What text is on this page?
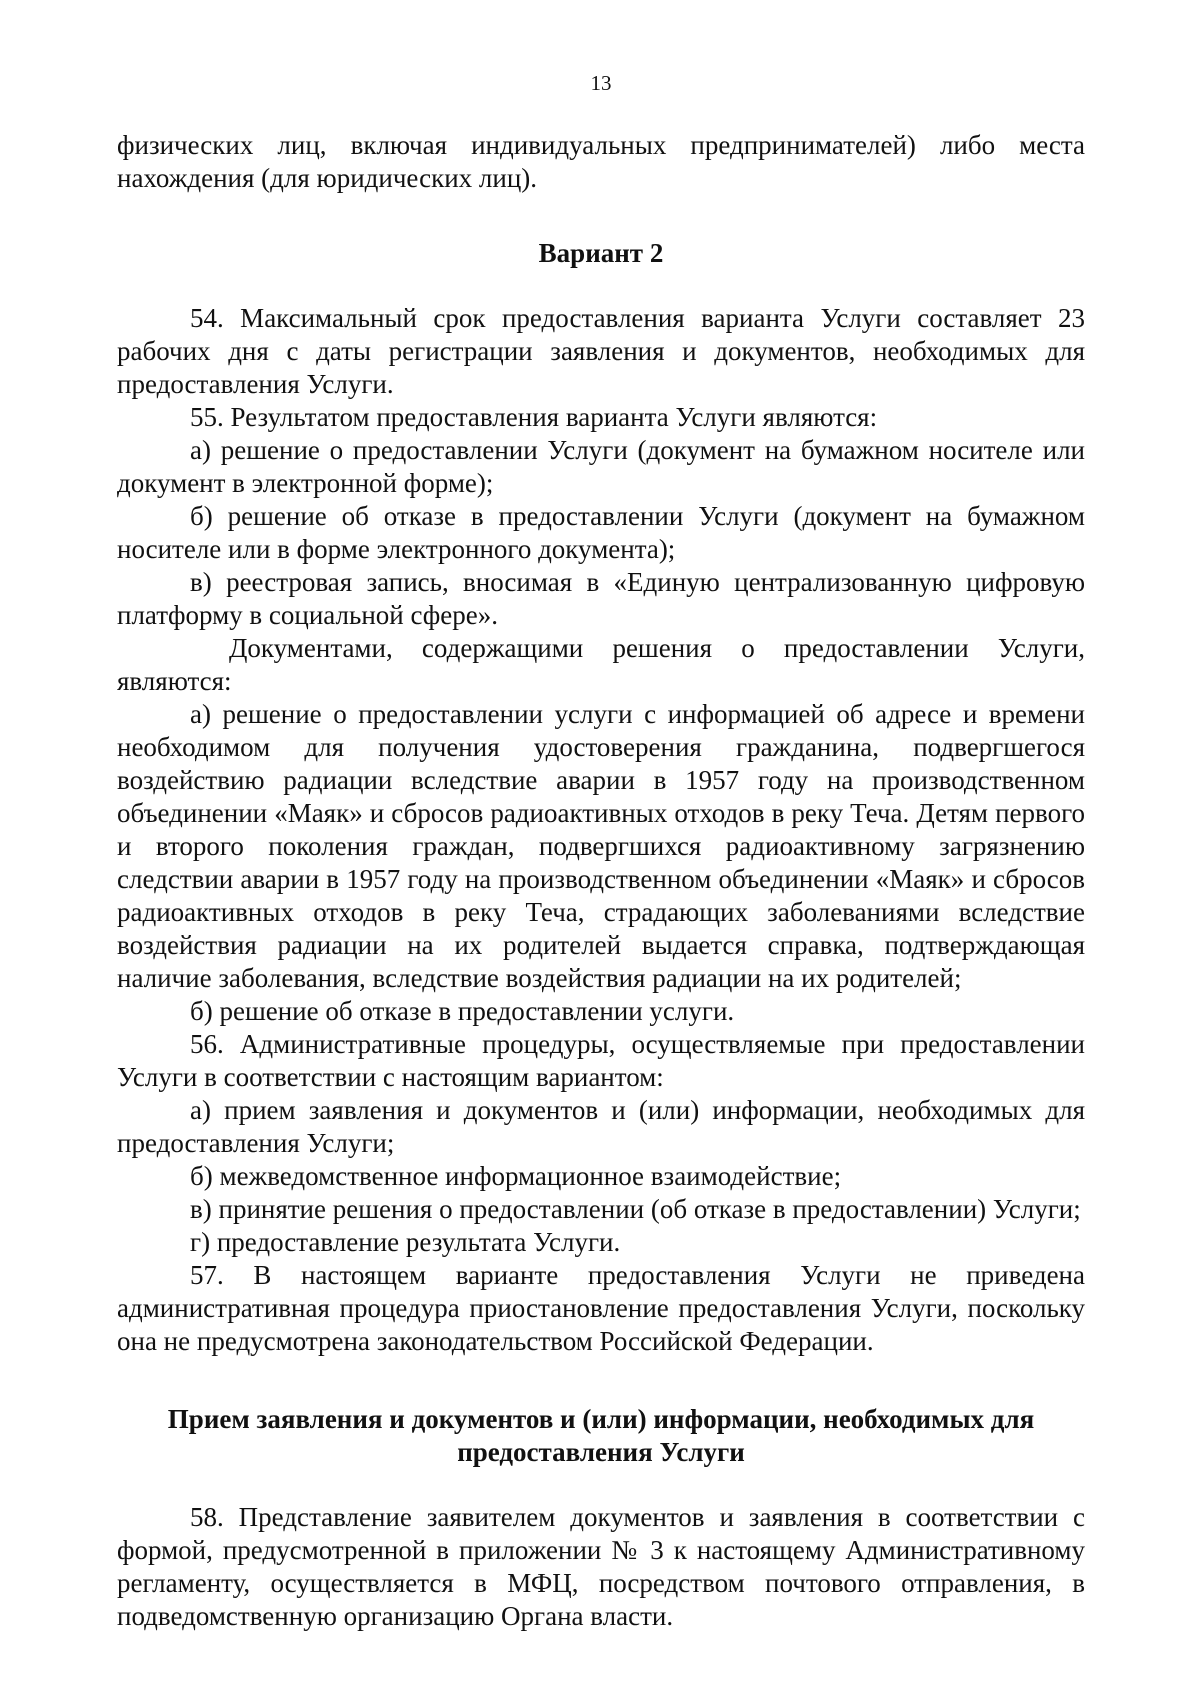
13

физических лиц, включая индивидуальных предпринимателей) либо места нахождения (для юридических лиц).

Вариант 2

54. Максимальный срок предоставления варианта Услуги составляет 23 рабочих дня с даты регистрации заявления и документов, необходимых для предоставления Услуги.

55. Результатом предоставления варианта Услуги являются:

а) решение о предоставлении Услуги (документ на бумажном носителе или документ в электронной форме);

б) решение об отказе в предоставлении Услуги (документ на бумажном носителе или в форме электронного документа);

в) реестровая запись, вносимая в «Единую централизованную цифровую платформу в социальной сфере».

Документами, содержащими решения о предоставлении Услуги, являются:

а) решение о предоставлении услуги с информацией об адресе и времени необходимом для получения удостоверения гражданина, подвергшегося воздействию радиации вследствие аварии в 1957 году на производственном объединении «Маяк» и сбросов радиоактивных отходов в реку Теча. Детям первого и второго поколения граждан, подвергшихся радиоактивному загрязнению следствии аварии в 1957 году на производственном объединении «Маяк» и сбросов радиоактивных отходов в реку Теча, страдающих заболеваниями вследствие воздействия радиации на их родителей выдается справка, подтверждающая наличие заболевания, вследствие воздействия радиации на их родителей;

б) решение об отказе в предоставлении услуги.

56. Административные процедуры, осуществляемые при предоставлении Услуги в соответствии с настоящим вариантом:

а) прием заявления и документов и (или) информации, необходимых для предоставления Услуги;

б) межведомственное информационное взаимодействие;

в) принятие решения о предоставлении (об отказе в предоставлении) Услуги;

г) предоставление результата Услуги.

57. В настоящем варианте предоставления Услуги не приведена административная процедура приостановление предоставления Услуги, поскольку она не предусмотрена законодательством Российской Федерации.

Прием заявления и документов и (или) информации, необходимых для предоставления Услуги

58. Представление заявителем документов и заявления в соответствии с формой, предусмотренной в приложении № 3 к настоящему Административному регламенту, осуществляется в МФЦ, посредством почтового отправления, в подведомственную организацию Органа власти.
